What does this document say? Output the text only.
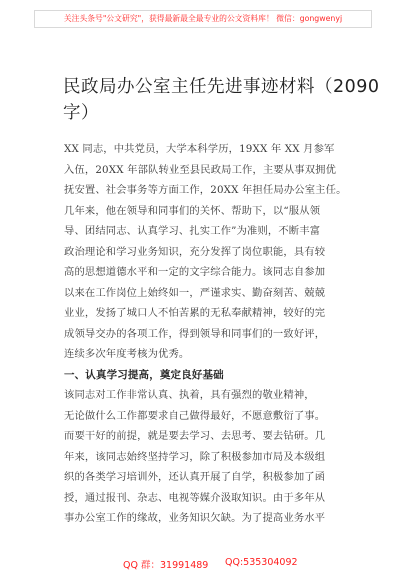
关注头条号"公文研究"，获得最新最全最专业的公文资料库！ 微信：gongwenyj
民政局办公室主任先进事迹材料（2090
字）
XX 同志，中共党员，大学本科学历，19XX 年 XX 月参军
入伍，20XX 年部队转业至县民政局工作，主要从事双拥优
抚安置、社会事务等方面工作，20XX 年担任局办公室主任。
几年来，他在领导和同事们的关怀、帮助下，以“服从领
导、团结同志、认真学习、扎实工作”为准则，不断丰富
政治理论和学习业务知识，充分发挥了岗位职能，具有较
高的思想道德水平和一定的文字综合能力。该同志自参加
以来在工作岗位上始终如一，严谨求实、勤奋刻苦、兢兢
业业，发扬了城口人不怕苦累的无私奉献精神，较好的完
成领导交办的各项工作，得到领导和同事们的一致好评，
连续多次年度考核为优秀。
一、认真学习提高，奠定良好基础
该同志对工作非常认真、执着，具有强烈的敬业精神，
无论做什么工作都要求自己做得最好，不愿意敷衍了事。
而要干好的前提，就是要去学习、去思考、要去钻研。几
年来，该同志始终坚持学习，除了积极参加市局及本级组
织的各类学习培训外，还认真开展了自学，积极参加了函
授，通过报刊、杂志、电视等媒介汲取知识。由于多年从
事办公室工作的缘故，业务知识欠缺。为了提高业务水平
QQ 群：31991489 QQ:535304092
